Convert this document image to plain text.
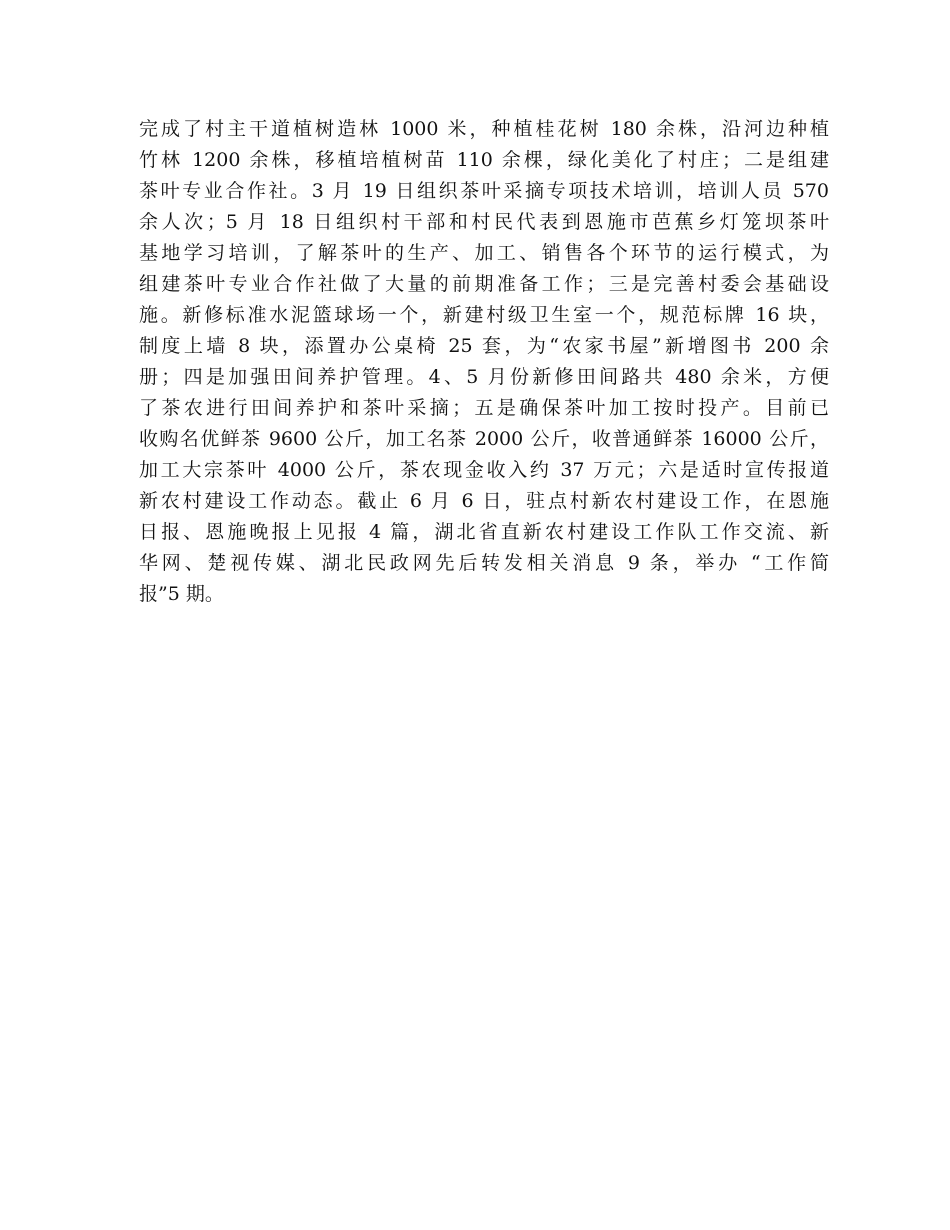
完成了村主干道植树造林 1000 米，种植桂花树 180 余株，沿河边种植
竹林 1200 余株，移植培植树苗 110 余棵，绿化美化了村庄；二是组建
茶叶专业合作社。3 月 19 日组织茶叶采摘专项技术培训，培训人员 570
余人次；5 月 18 日组织村干部和村民代表到恩施市芭蕉乡灯笼坝茶叶
基地学习培训，了解茶叶的生产、加工、销售各个环节的运行模式，为
组建茶叶专业合作社做了大量的前期准备工作；三是完善村委会基础设
施。新修标准水泥篮球场一个，新建村级卫生室一个，规范标牌 16 块，
制度上墙 8 块，添置办公桌椅 25 套，为“农家书屋”新增图书 200 余
册；四是加强田间养护管理。4、5 月份新修田间路共 480 余米，方便
了茶农进行田间养护和茶叶采摘；五是确保茶叶加工按时投产。目前已
收购名优鲜茶 9600 公斤，加工名茶 2000 公斤，收普通鲜茶 16000 公斤，
加工大宗茶叶 4000 公斤，茶农现金收入约 37 万元；六是适时宣传报道
新农村建设工作动态。截止 6 月 6 日，驻点村新农村建设工作，在恩施
日报、恩施晚报上见报 4 篇，湖北省直新农村建设工作队工作交流、新
华网、楚视传媒、湖北民政网先后转发相关消息 9 条，举办 “工作简
报”5 期。
